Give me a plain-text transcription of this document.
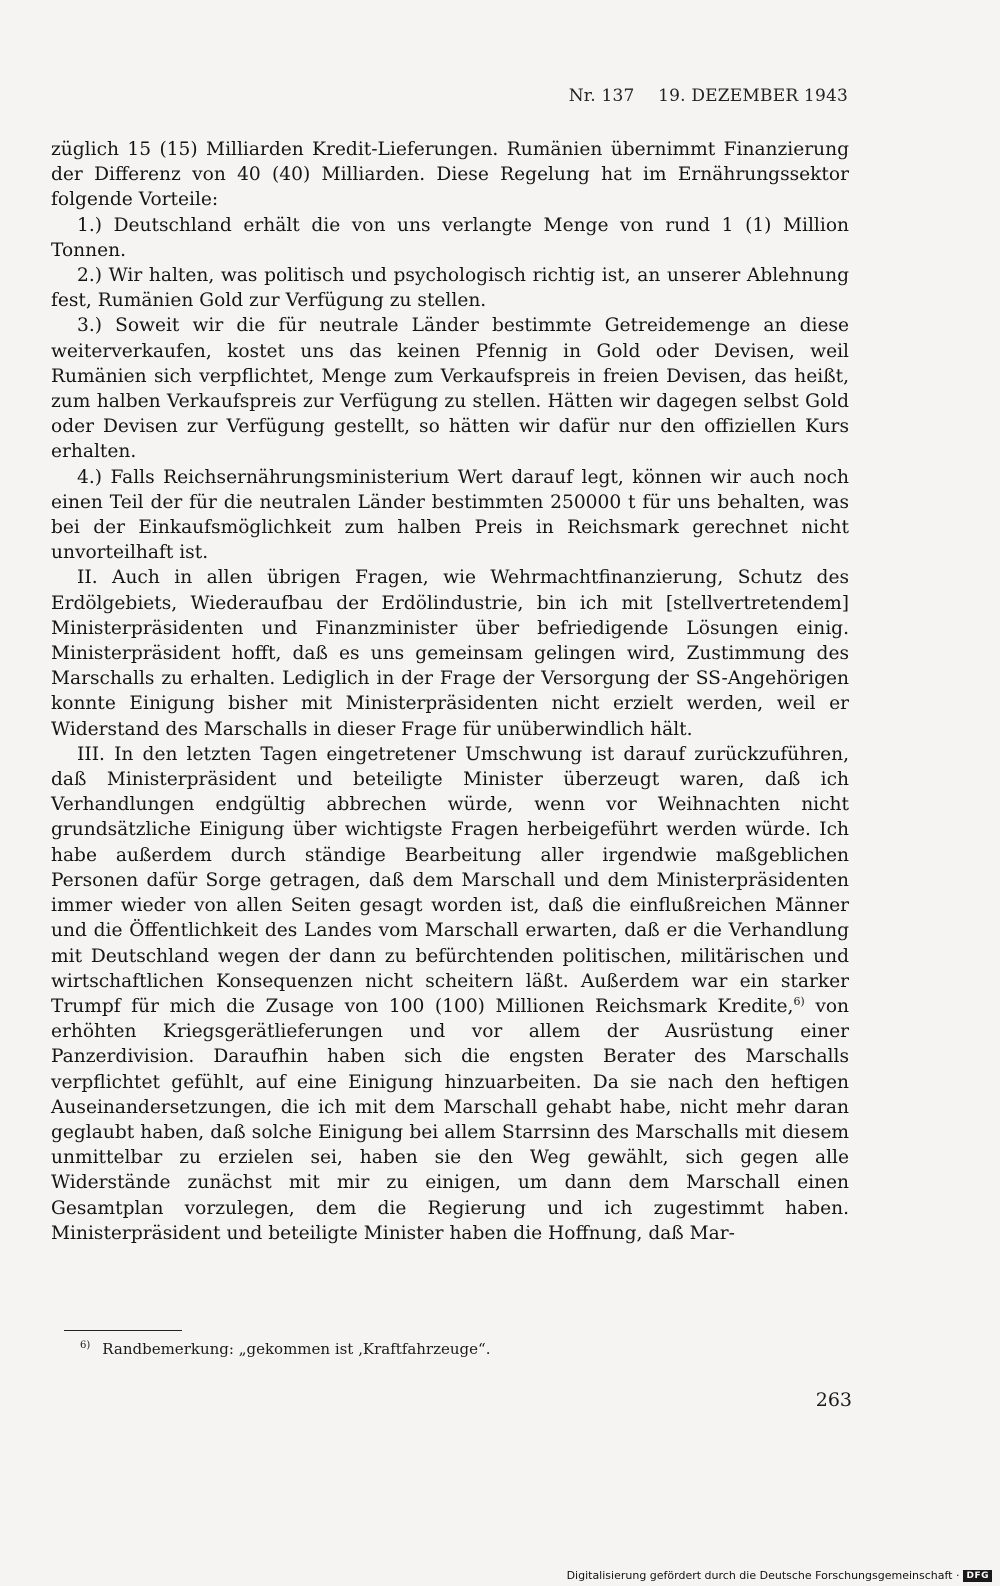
Nr. 137 19. DEZEMBER 1943

züglich 15 (15) Milliarden Kredit-Lieferungen. Rumänien übernimmt Finanzierung der Differenz von 40 (40) Milliarden. Diese Regelung hat im Ernährungssektor folgende Vorteile:

1.) Deutschland erhält die von uns verlangte Menge von rund 1 (1) Million Tonnen.

2.) Wir halten, was politisch und psychologisch richtig ist, an unserer Ablehnung fest, Rumänien Gold zur Verfügung zu stellen.

3.) Soweit wir die für neutrale Länder bestimmte Getreidemenge an diese weiterverkaufen, kostet uns das keinen Pfennig in Gold oder Devisen, weil Rumänien sich verpflichtet, Menge zum Verkaufspreis in freien Devisen, das heißt, zum halben Verkaufspreis zur Verfügung zu stellen. Hätten wir dagegen selbst Gold oder Devisen zur Verfügung gestellt, so hätten wir dafür nur den offiziellen Kurs erhalten.

4.) Falls Reichsernährungsministerium Wert darauf legt, können wir auch noch einen Teil der für die neutralen Länder bestimmten 250000 t für uns behalten, was bei der Einkaufsmöglichkeit zum halben Preis in Reichsmark gerechnet nicht unvorteilhaft ist.

II. Auch in allen übrigen Fragen, wie Wehrmachtfinanzierung, Schutz des Erdölgebiets, Wiederaufbau der Erdölindustrie, bin ich mit [stellvertretendem] Ministerpräsidenten und Finanzminister über befriedigende Lösungen einig. Ministerpräsident hofft, daß es uns gemeinsam gelingen wird, Zustimmung des Marschalls zu erhalten. Lediglich in der Frage der Versorgung der SS-Angehörigen konnte Einigung bisher mit Ministerpräsidenten nicht erzielt werden, weil er Widerstand des Marschalls in dieser Frage für unüberwindlich hält.

III. In den letzten Tagen eingetretener Umschwung ist darauf zurückzuführen, daß Ministerpräsident und beteiligte Minister überzeugt waren, daß ich Verhandlungen endgültig abbrechen würde, wenn vor Weihnachten nicht grundsätzliche Einigung über wichtigste Fragen herbeigeführt werden würde. Ich habe außerdem durch ständige Bearbeitung aller irgendwie maßgeblichen Personen dafür Sorge getragen, daß dem Marschall und dem Ministerpräsidenten immer wieder von allen Seiten gesagt worden ist, daß die einflußreichen Männer und die Öffentlichkeit des Landes vom Marschall erwarten, daß er die Verhandlung mit Deutschland wegen der dann zu befürchtenden politischen, militärischen und wirtschaftlichen Konsequenzen nicht scheitern läßt. Außerdem war ein starker Trumpf für mich die Zusage von 100 (100) Millionen Reichsmark Kredite,$^{6)}$ von erhöhten Kriegsgerätlieferungen und vor allem der Ausrüstung einer Panzerdivision. Daraufhin haben sich die engsten Berater des Marschalls verpflichtet gefühlt, auf eine Einigung hinzuarbeiten. Da sie nach den heftigen Auseinandersetzungen, die ich mit dem Marschall gehabt habe, nicht mehr daran geglaubt haben, daß solche Einigung bei allem Starrsinn des Marschalls mit diesem unmittelbar zu erzielen sei, haben sie den Weg gewählt, sich gegen alle Widerstände zunächst mit mir zu einigen, um dann dem Marschall einen Gesamtplan vorzulegen, dem die Regierung und ich zugestimmt haben. Ministerpräsident und beteiligte Minister haben die Hoffnung, daß Mar-

$^{6)}$ Randbemerkung: „gekommen ist ‚Kraftfahrzeuge“.
263
Digitalisierung gefördert durch die Deutsche Forschungsgemeinschaft · DFG
